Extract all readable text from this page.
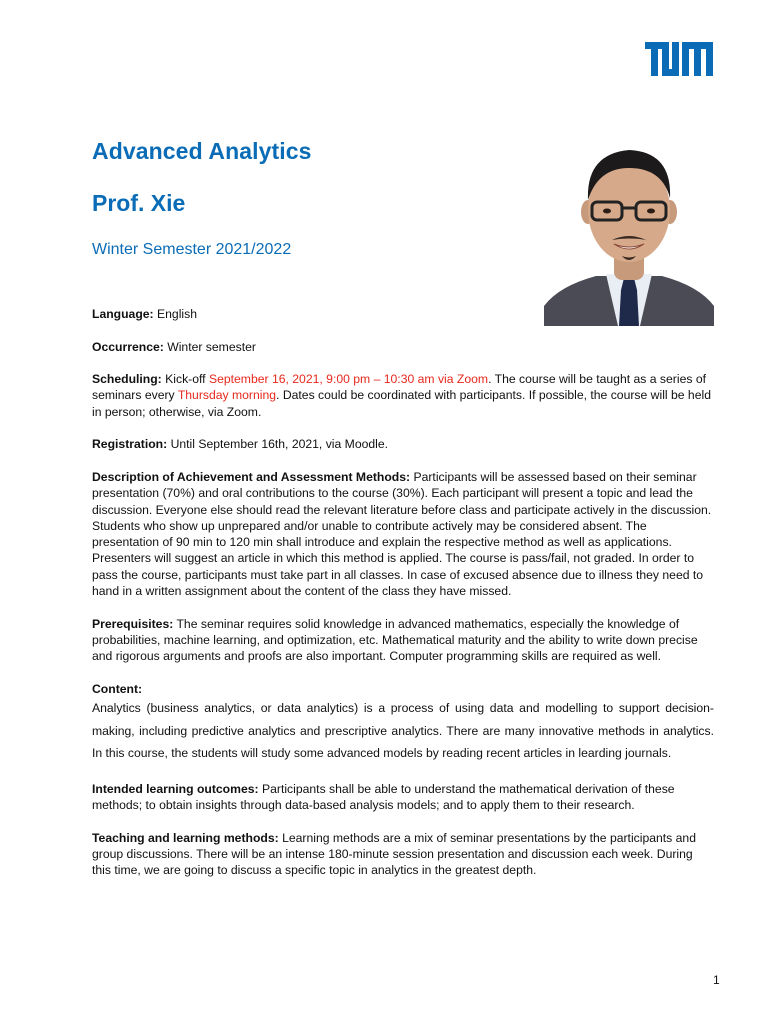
Advanced Analytics
Prof. Xie
Winter Semester 2021/2022

Language: English

Occurrence: Winter semester

Scheduling: Kick-off September 16, 2021, 9:00 pm – 10:30 am via Zoom. The course will be taught as a series of seminars every Thursday morning. Dates could be coordinated with participants. If possible, the course will be held in person; otherwise, via Zoom.

Registration: Until September 16th, 2021, via Moodle.

Description of Achievement and Assessment Methods: Participants will be assessed based on their seminar presentation (70%) and oral contributions to the course (30%). Each participant will present a topic and lead the discussion. Everyone else should read the relevant literature before class and participate actively in the discussion. Students who show up unprepared and/or unable to contribute actively may be considered absent. The presentation of 90 min to 120 min shall introduce and explain the respective method as well as applications. Presenters will suggest an article in which this method is applied. The course is pass/fail, not graded. In order to pass the course, participants must take part in all classes. In case of excused absence due to illness they need to hand in a written assignment about the content of the class they have missed.

Prerequisites: The seminar requires solid knowledge in advanced mathematics, especially the knowledge of probabilities, machine learning, and optimization, etc. Mathematical maturity and the ability to write down precise and rigorous arguments and proofs are also important. Computer programming skills are required as well.

Content:

Analytics (business analytics, or data analytics) is a process of using data and modelling to support decision-making, including predictive analytics and prescriptive analytics. There are many innovative methods in analytics. In this course, the students will study some advanced models by reading recent articles in learding journals.

Intended learning outcomes: Participants shall be able to understand the mathematical derivation of these methods; to obtain insights through data-based analysis models; and to apply them to their research.

Teaching and learning methods: Learning methods are a mix of seminar presentations by the participants and group discussions. There will be an intense 180-minute session presentation and discussion each week. During this time, we are going to discuss a specific topic in analytics in the greatest depth.

1
